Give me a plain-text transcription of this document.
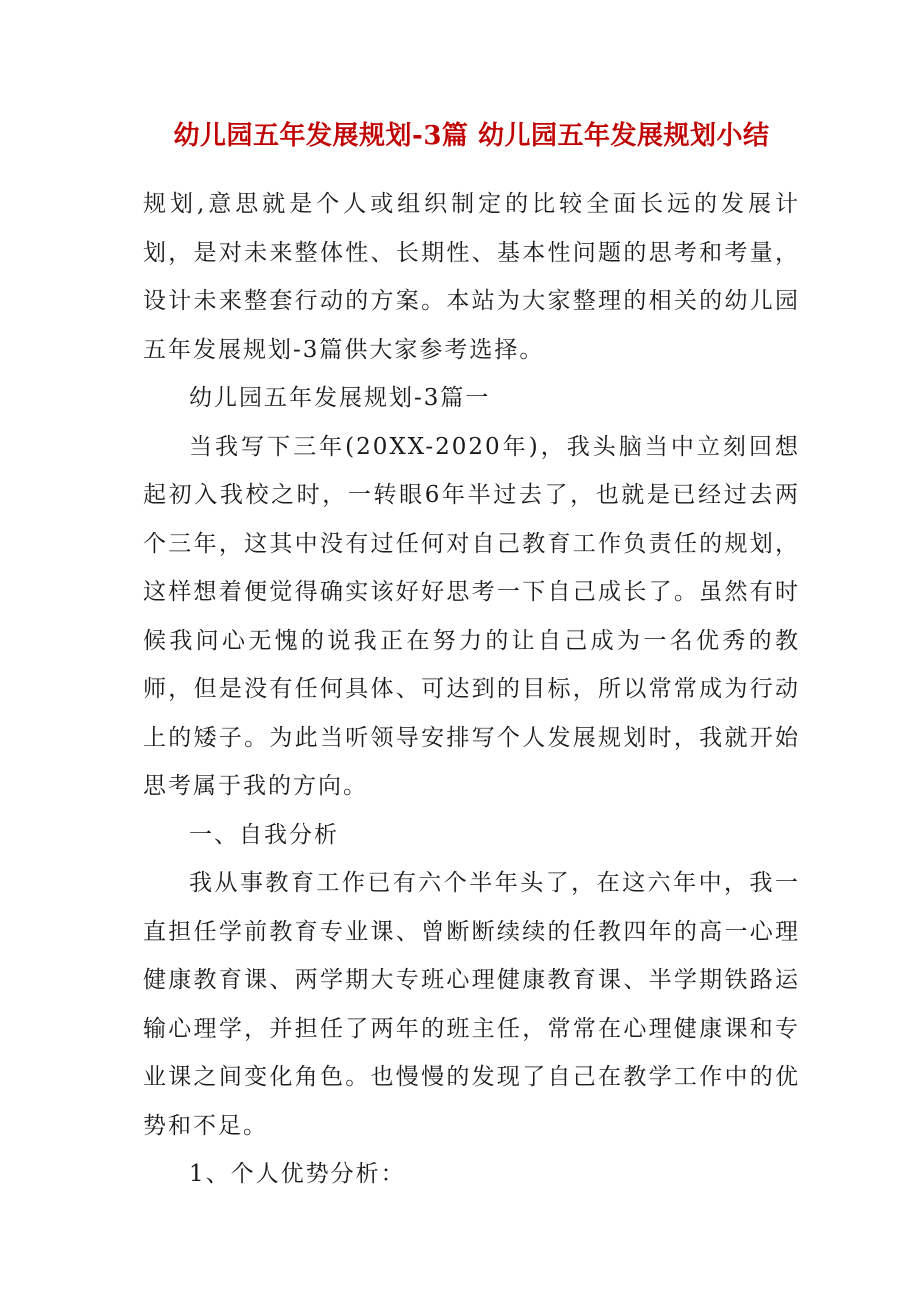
幼儿园五年发展规划-3篇 幼儿园五年发展规划小结

规划,意思就是个人或组织制定的比较全面长远的发展计划，是对未来整体性、长期性、基本性问题的思考和考量，设计未来整套行动的方案。本站为大家整理的相关的幼儿园五年发展规划-3篇供大家参考选择。

幼儿园五年发展规划-3篇一

当我写下三年(20XX-2020年)，我头脑当中立刻回想起初入我校之时，一转眼6年半过去了，也就是已经过去两个三年，这其中没有过任何对自己教育工作负责任的规划，这样想着便觉得确实该好好思考一下自己成长了。虽然有时候我问心无愧的说我正在努力的让自己成为一名优秀的教师，但是没有任何具体、可达到的目标，所以常常成为行动上的矮子。为此当听领导安排写个人发展规划时，我就开始思考属于我的方向。

一、自我分析

我从事教育工作已有六个半年头了，在这六年中，我一直担任学前教育专业课、曾断断续续的任教四年的高一心理健康教育课、两学期大专班心理健康教育课、半学期铁路运输心理学，并担任了两年的班主任，常常在心理健康课和专业课之间变化角色。也慢慢的发现了自己在教学工作中的优势和不足。

1、个人优势分析：
